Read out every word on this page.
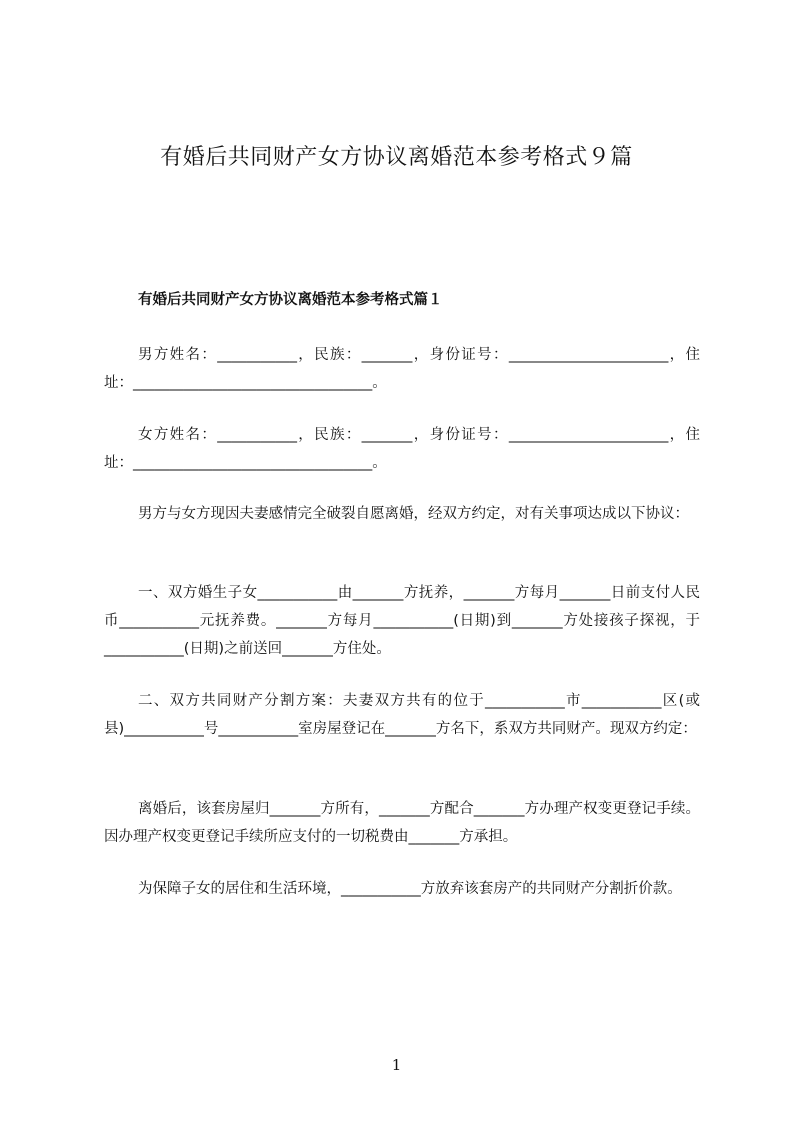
有婚后共同财产女方协议离婚范本参考格式９篇
有婚后共同财产女方协议离婚范本参考格式篇１

男方姓名：___________，民族：_______，身份证号：______________________，住址：_________________________________。

女方姓名：___________，民族：_______，身份证号：______________________，住址：_________________________________。

男方与女方现因夫妻感情完全破裂自愿离婚，经双方约定，对有关事项达成以下协议：

一、双方婚生子女___________由_______方抚养，_______方每月_______日前支付人民币___________元抚养费。_______方每月___________(日期)到_______方处接孩子探视，于___________(日期)之前送回_______方住处。

二、双方共同财产分割方案：夫妻双方共有的位于___________市___________区(或县)___________号___________室房屋登记在_______方名下，系双方共同财产。现双方约定：

离婚后，该套房屋归_______方所有，_______方配合_______方办理产权变更登记手续。因办理产权变更登记手续所应支付的一切税费由_______方承担。

为保障子女的居住和生活环境，___________方放弃该套房产的共同财产分割折价款。

1
